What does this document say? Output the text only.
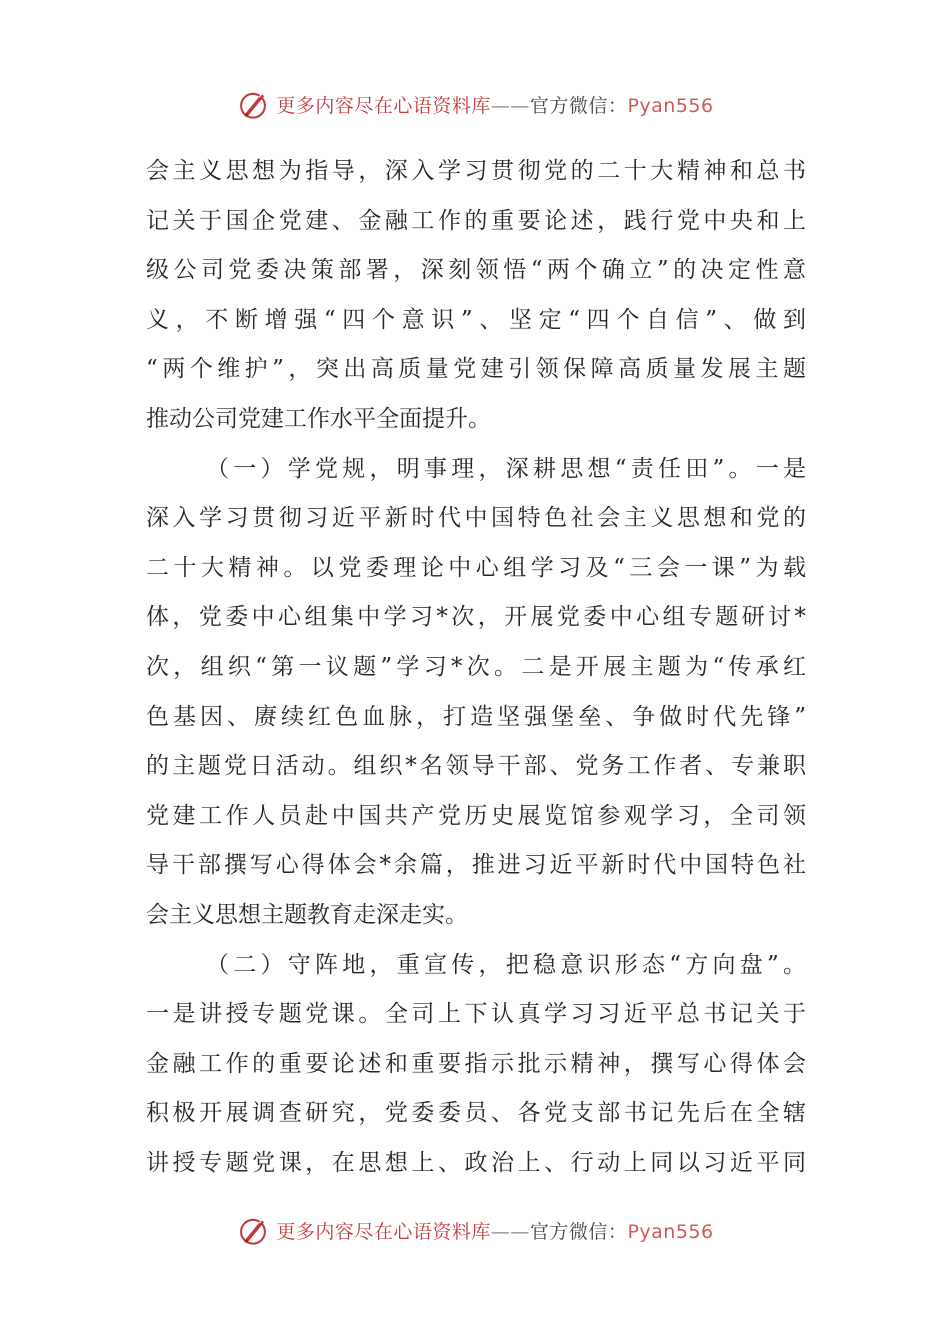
更多内容尽在心语资料库——官方微信：Pyan556
会主义思想为指导，深入学习贯彻党的二十大精神和总书
记关于国企党建、金融工作的重要论述，践行党中央和上
级公司党委决策部署，深刻领悟“两个确立”的决定性意
义，不断增强“四个意识”、坚定“四个自信”、做到
“两个维护”，突出高质量党建引领保障高质量发展主题
推动公司党建工作水平全面提升。
（一）学党规，明事理，深耕思想“责任田”。一是
深入学习贯彻习近平新时代中国特色社会主义思想和党的
二十大精神。以党委理论中心组学习及“三会一课”为载
体，党委中心组集中学习*次，开展党委中心组专题研讨*
次，组织“第一议题”学习*次。二是开展主题为“传承红
色基因、赓续红色血脉，打造坚强堡垒、争做时代先锋”
的主题党日活动。组织*名领导干部、党务工作者、专兼职
党建工作人员赴中国共产党历史展览馆参观学习，全司领
导干部撰写心得体会*余篇，推进习近平新时代中国特色社
会主义思想主题教育走深走实。
（二）守阵地，重宣传，把稳意识形态“方向盘”。
一是讲授专题党课。全司上下认真学习习近平总书记关于
金融工作的重要论述和重要指示批示精神，撰写心得体会
积极开展调查研究，党委委员、各党支部书记先后在全辖
讲授专题党课，在思想上、政治上、行动上同以习近平同
更多内容尽在心语资料库——官方微信：Pyan556
